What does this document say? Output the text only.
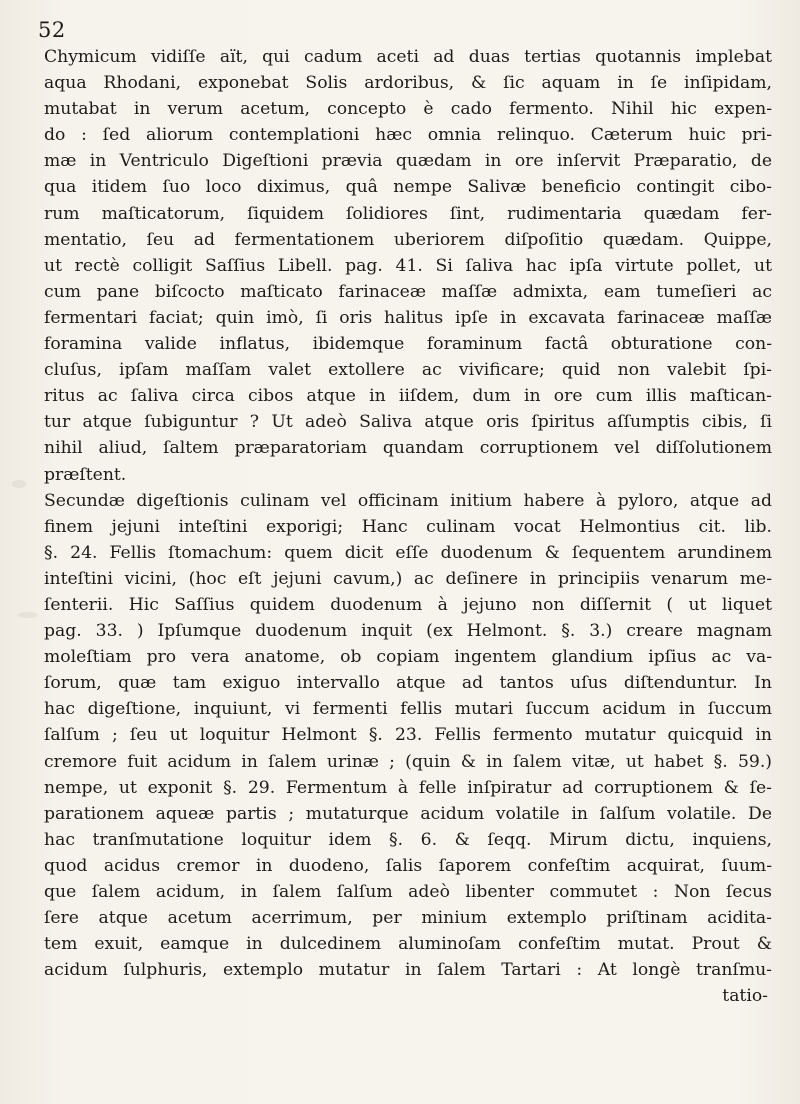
52
Chymicum vidiſſe aït, qui cadum aceti ad duas tertias quotannis implebat
aqua Rhodani, exponebat Solis ardoribus, & ſic aquam in ſe inſipidam,
mutabat in verum acetum, concepto è cado fermento. Nihil hic expen-
do : ſed aliorum contemplationi hæc omnia relinquo. Cæterum huic pri-
mæ in Ventriculo Digeſtioni prævia quædam in ore inſervit Præparatio, de
qua itidem ſuo loco diximus, quâ nempe Salivæ beneficio contingit cibo-
rum maſticatorum, ſiquidem ſolidiores ſint, rudimentaria quædam fer-
mentatio, ſeu ad fermentationem uberiorem diſpoſitio quædam. Quippe,
ut rectè colligit Saſſius Libell. pag. 41. Si ſaliva hac ipſa virtute pollet, ut
cum pane biſcocto maſticato farinaceæ maſſæ admixta, eam tumeſieri ac
fermentari faciat; quin imò, ſi oris halitus ipſe in excavata farinaceæ maſſæ
foramina valide inflatus, ibidemque foraminum factâ obturatione con-
cluſus, ipſam maſſam valet extollere ac vivificare; quid non valebit ſpi-
ritus ac ſaliva circa cibos atque in iiſdem, dum in ore cum illis maſtican-
tur atque ſubiguntur ? Ut adeò Saliva atque oris ſpiritus aſſumptis cibis, ſi
nihil aliud, ſaltem præparatoriam quandam corruptionem vel diſſolutionem
præſtent.
Secundæ digeſtionis culinam vel officinam initium habere à pyloro, atque ad
finem jejuni inteſtini exporigi; Hanc culinam vocat Helmontius cit. lib.
§. 24. Fellis ſtomachum: quem dicit eſſe duodenum & ſequentem arundinem
inteſtini vicini, (hoc eſt jejuni cavum,) ac deſinere in principiis venarum me-
ſenterii. Hic Saſſius quidem duodenum à jejuno non diſſernit ( ut liquet
pag. 33. ) Ipſumque duodenum inquit (ex Helmont. §. 3.) creare magnam
moleſtiam pro vera anatome, ob copiam ingentem glandium ipſius ac va-
ſorum, quæ tam exiguo intervallo atque ad tantos uſus diſtenduntur. In
hac digeſtione, inquiunt, vi fermenti fellis mutari ſuccum acidum in ſuccum
ſalſum ; ſeu ut loquitur Helmont §. 23. Fellis fermento mutatur quicquid in
cremore fuit acidum in ſalem urinæ ; (quin & in ſalem vitæ, ut habet §. 59.)
nempe, ut exponit §. 29. Fermentum à felle inſpiratur ad corruptionem & ſe-
parationem aqueæ partis ; mutaturque acidum volatile in ſalſum volatile. De
hac tranſmutatione loquitur idem §. 6. & ſeqq. Mirum dictu, inquiens,
quod acidus cremor in duodeno, ſalis ſaporem confeſtim acquirat, ſuum-
que ſalem acidum, in ſalem ſalſum adeò libenter commutet : Non ſecus
ſere atque acetum acerrimum, per minium extemplo priſtinam acidita-
tem exuit, eamque in dulcedinem aluminoſam confeſtim mutat. Prout &
acidum ſulphuris, extemplo mutatur in ſalem Tartari : At longè tranſmu-
tatio-
